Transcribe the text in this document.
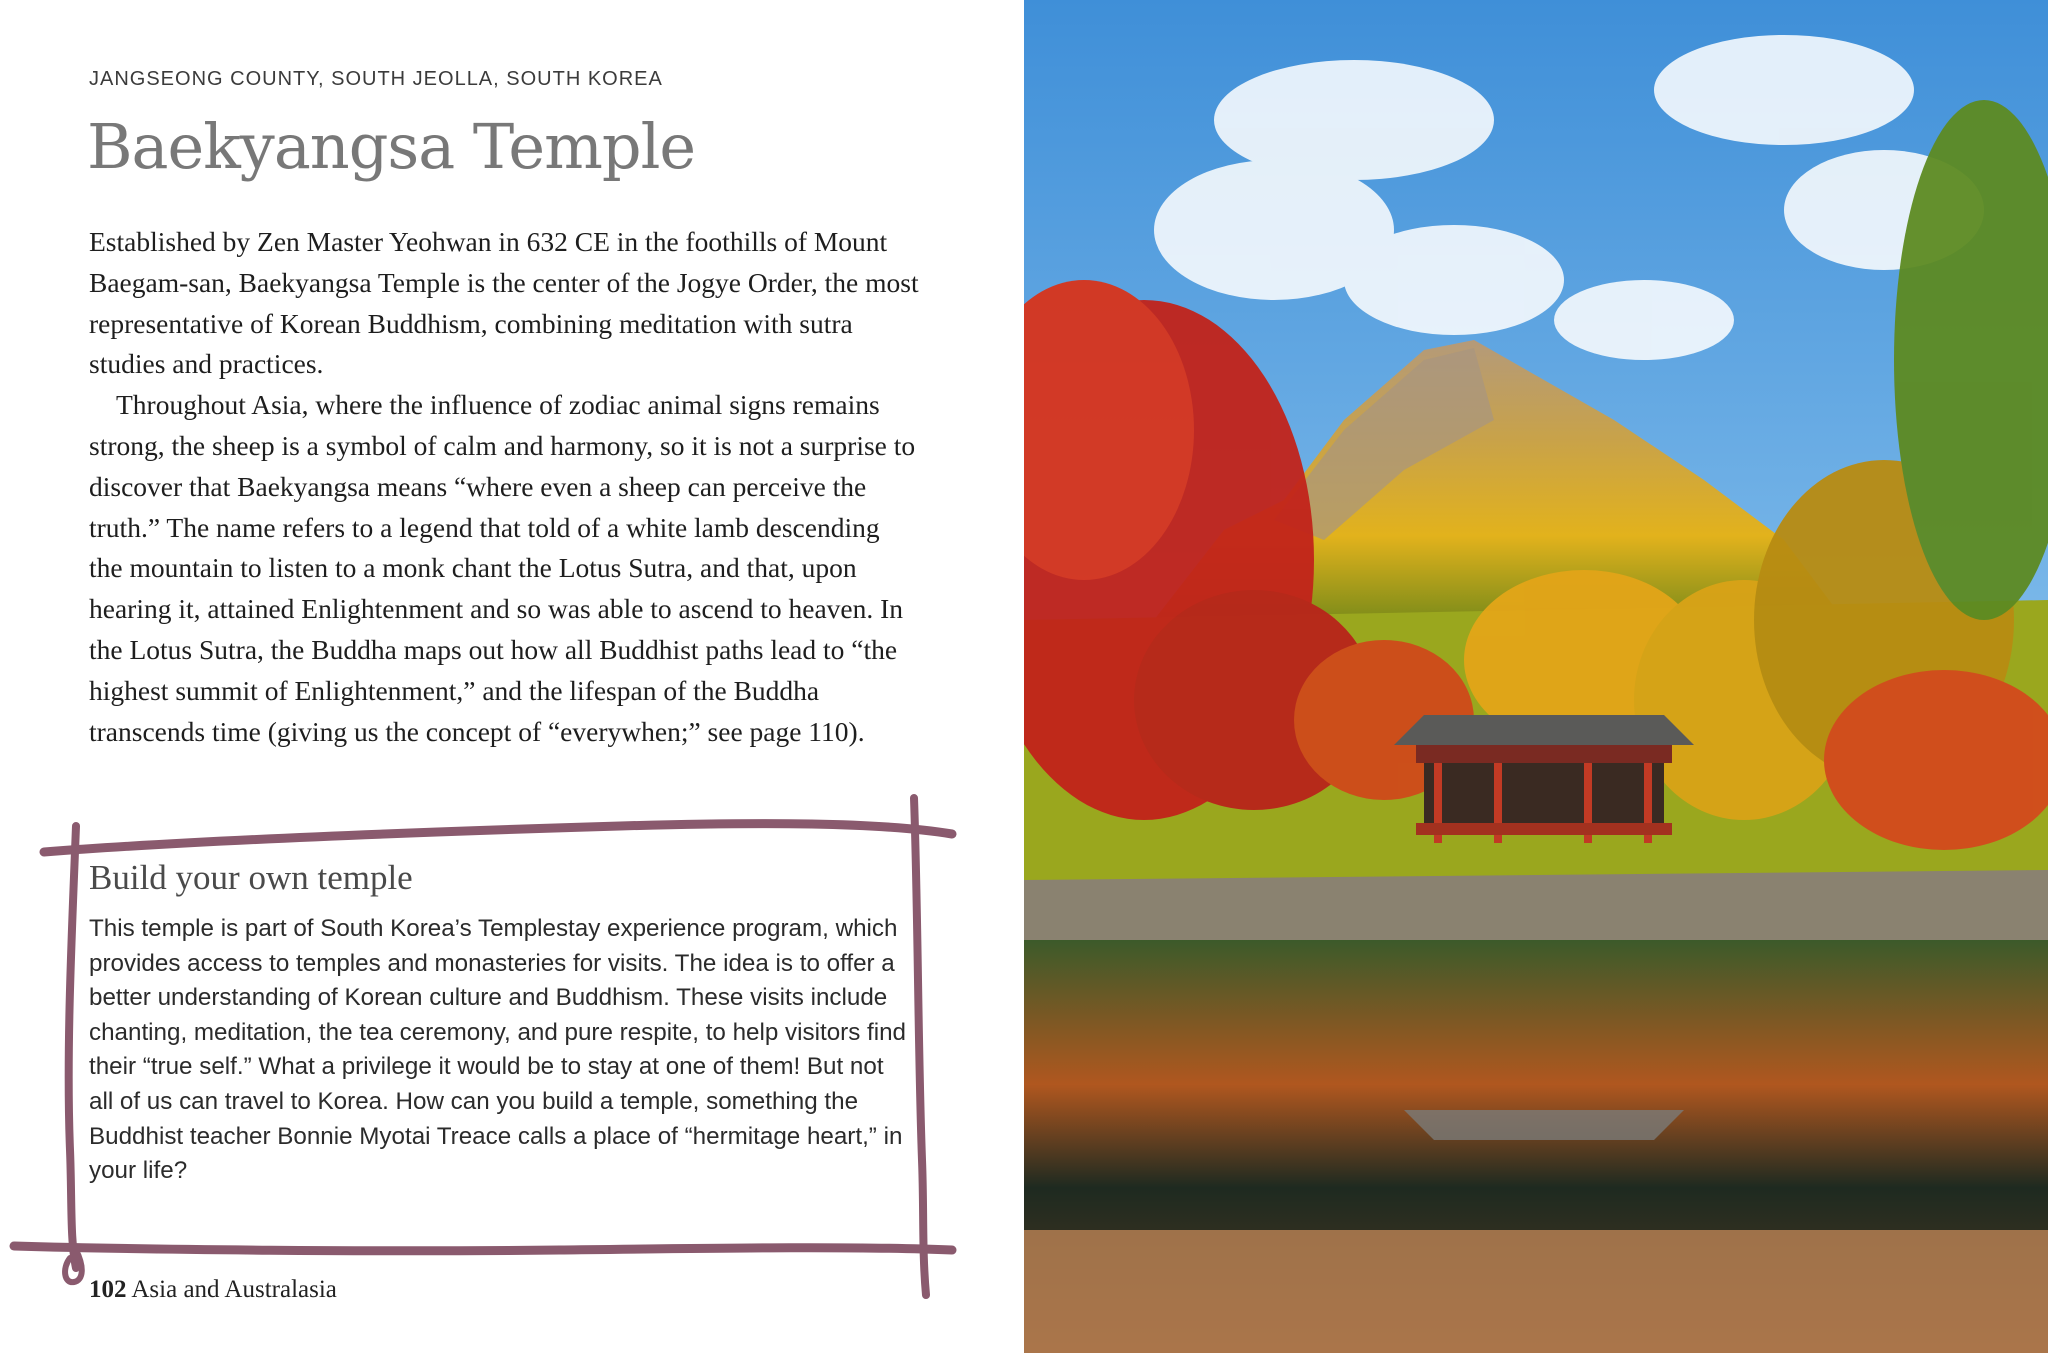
JANGSEONG COUNTY, SOUTH JEOLLA, SOUTH KOREA
Baekyangsa Temple

Established by Zen Master Yeohwan in 632 CE in the foothills of Mount Baegam-san, Baekyangsa Temple is the center of the Jogye Order, the most representative of Korean Buddhism, combining meditation with sutra studies and practices.

Throughout Asia, where the influence of zodiac animal signs remains strong, the sheep is a symbol of calm and harmony, so it is not a surprise to discover that Baekyangsa means “where even a sheep can perceive the truth.” The name refers to a legend that told of a white lamb descending the mountain to listen to a monk chant the Lotus Sutra, and that, upon hearing it, attained Enlightenment and so was able to ascend to heaven. In the Lotus Sutra, the Buddha maps out how all Buddhist paths lead to “the highest summit of Enlightenment,” and the lifespan of the Buddha transcends time (giving us the concept of “everywhen;” see page 110).

Build your own temple
This temple is part of South Korea’s Templestay experience program, which provides access to temples and monasteries for visits. The idea is to offer a better understanding of Korean culture and Buddhism. These visits include chanting, meditation, the tea ceremony, and pure respite, to help visitors find their “true self.” What a privilege it would be to stay at one of them! But not all of us can travel to Korea. How can you build a temple, something the Buddhist teacher Bonnie Myotai Treace calls a place of “hermitage heart,” in your life?
102 Asia and Australasia
